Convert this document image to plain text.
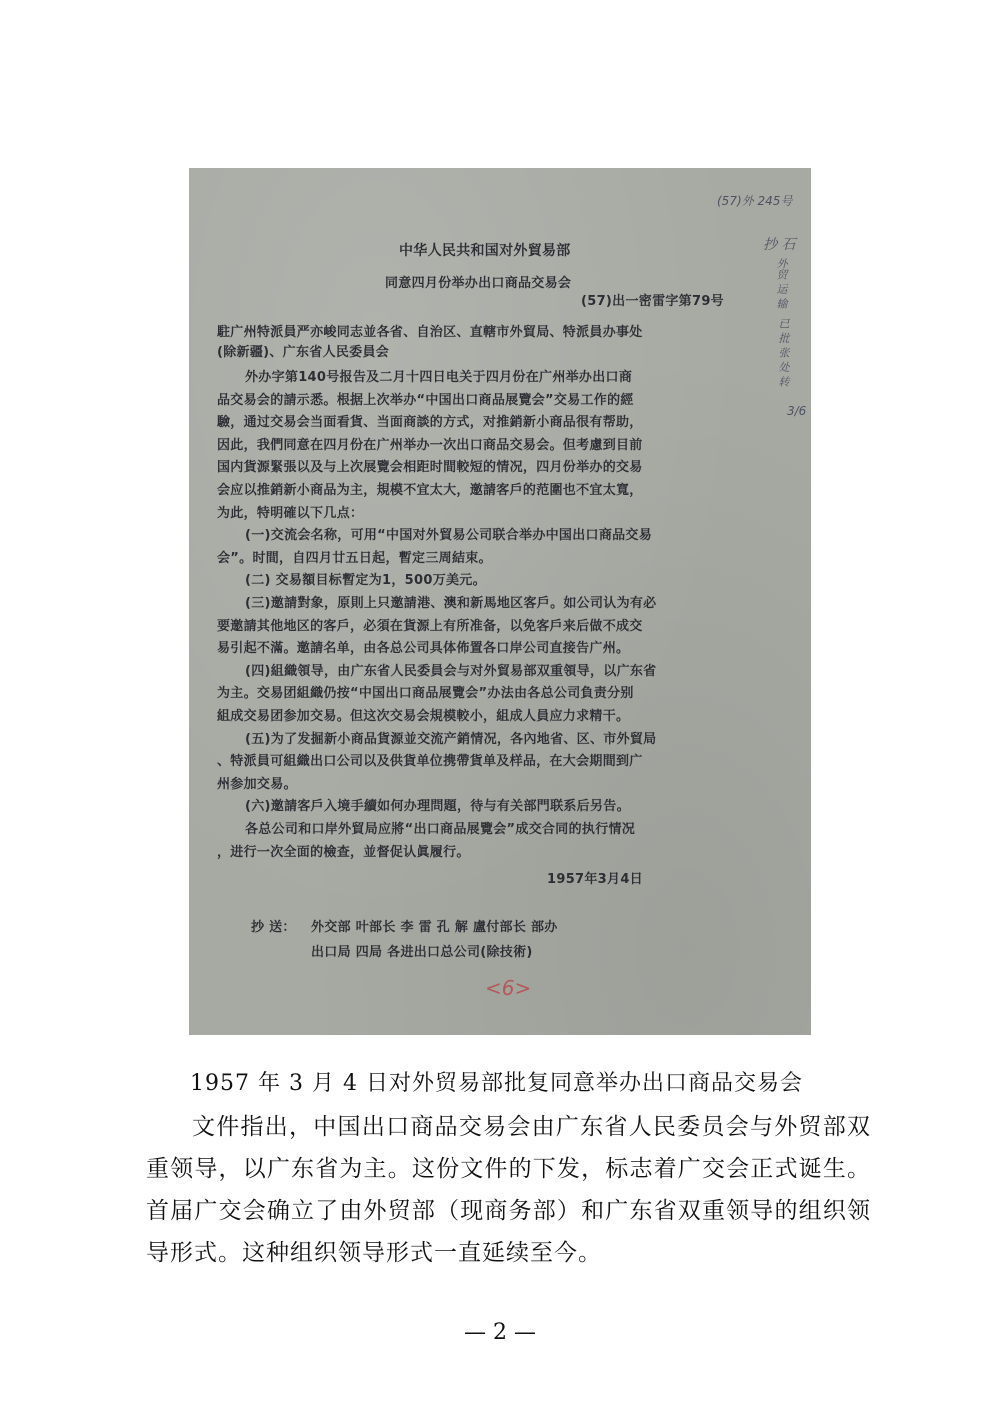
(57)外 245号
抄 石
外贸 运 输
已 批 张 处 转
3/6
中华人民共和国对外貿易部
同意四月份举办出口商品交易会
(57)出一密雷字第79号
駐广州特派員严亦峻同志並各省、自治区、直轄市外貿局、特派員办事处
(除新疆)、广东省人民委員会
外办字第140号报告及二月十四日电关于四月份在广州举办出口商
品交易会的請示悉。根据上次举办“中国出口商品展覽会”交易工作的經
驗，通过交易会当面看貨、当面商談的方式，对推銷新小商品很有帮助，
因此，我們同意在四月份在广州举办一次出口商品交易会。但考慮到目前
国内貨源緊張以及与上次展覽会相距时間較短的情况，四月份举办的交易
会应以推銷新小商品为主，規模不宜太大，邀請客戶的范圍也不宜太寬，
为此，特明確以下几点：
(一)交流会名称，可用“中国对外貿易公司联合举办中国出口商品交易
会”。时間，自四月廿五日起，暫定三周結束。
(二) 交易額目标暫定为1，500万美元。
(三)邀請對象，原則上只邀請港、澳和新馬地区客戶。如公司认为有必
要邀請其他地区的客戶，必須在貨源上有所准备，以免客戶来后做不成交
易引起不滿。邀請名单，由各总公司具体佈置各口岸公司直接告广州。
(四)組織領导，由广东省人民委員会与对外貿易部双重領导，以广东省
为主。交易团組織仍按“中国出口商品展覽会”办法由各总公司負责分别
組成交易团参加交易。但这次交易会規模較小，組成人員应力求精干。
(五)为了发掘新小商品貨源並交流产銷情况，各內地省、区、市外貿局
、特派員可組織出口公司以及供貨单位携帶貨单及样品，在大会期間到广
州参加交易。
(六)邀請客戶入境手續如何办理問題，待与有关部門联系后另告。
各总公司和口岸外貿局应將“出口商品展覽会”成交合同的执行情况
，进行一次全面的檢查，並督促认眞履行。
1957年3月4日
抄 送： 外交部 叶部长 李 雷 孔 解 盧付部长 部办
出口局 四局 各进出口总公司(除技術)
<6>
1957 年 3 月 4 日对外贸易部批复同意举办出口商品交易会
文件指出，中国出口商品交易会由广东省人民委员会与外贸部双重领导，以广东省为主。这份文件的下发，标志着广交会正式诞生。首届广交会确立了由外贸部（现商务部）和广东省双重领导的组织领导形式。这种组织领导形式一直延续至今。
— 2 —
